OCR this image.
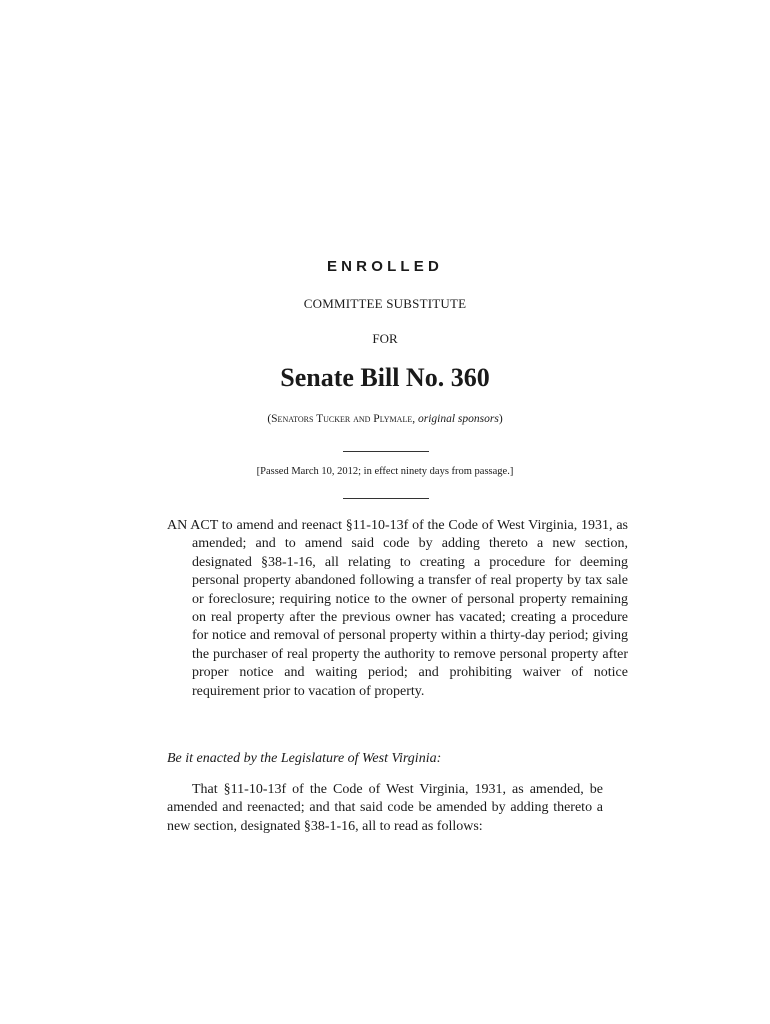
ENROLLED
COMMITTEE SUBSTITUTE
FOR
Senate Bill No. 360
(Senators Tucker and Plymale, original sponsors)
[Passed March 10, 2012; in effect ninety days from passage.]
AN ACT to amend and reenact §11-10-13f of the Code of West Virginia, 1931, as amended; and to amend said code by adding thereto a new section, designated §38-1-16, all relating to creating a procedure for deeming personal property abandoned following a transfer of real property by tax sale or foreclosure; requiring notice to the owner of personal property remaining on real property after the previous owner has vacated; creating a procedure for notice and removal of personal property within a thirty-day period; giving the purchaser of real property the authority to remove personal property after proper notice and waiting period; and prohibiting waiver of notice requirement prior to vacation of property.
Be it enacted by the Legislature of West Virginia:
That §11-10-13f of the Code of West Virginia, 1931, as amended, be amended and reenacted; and that said code be amended by adding thereto a new section, designated §38-1-16, all to read as follows:
